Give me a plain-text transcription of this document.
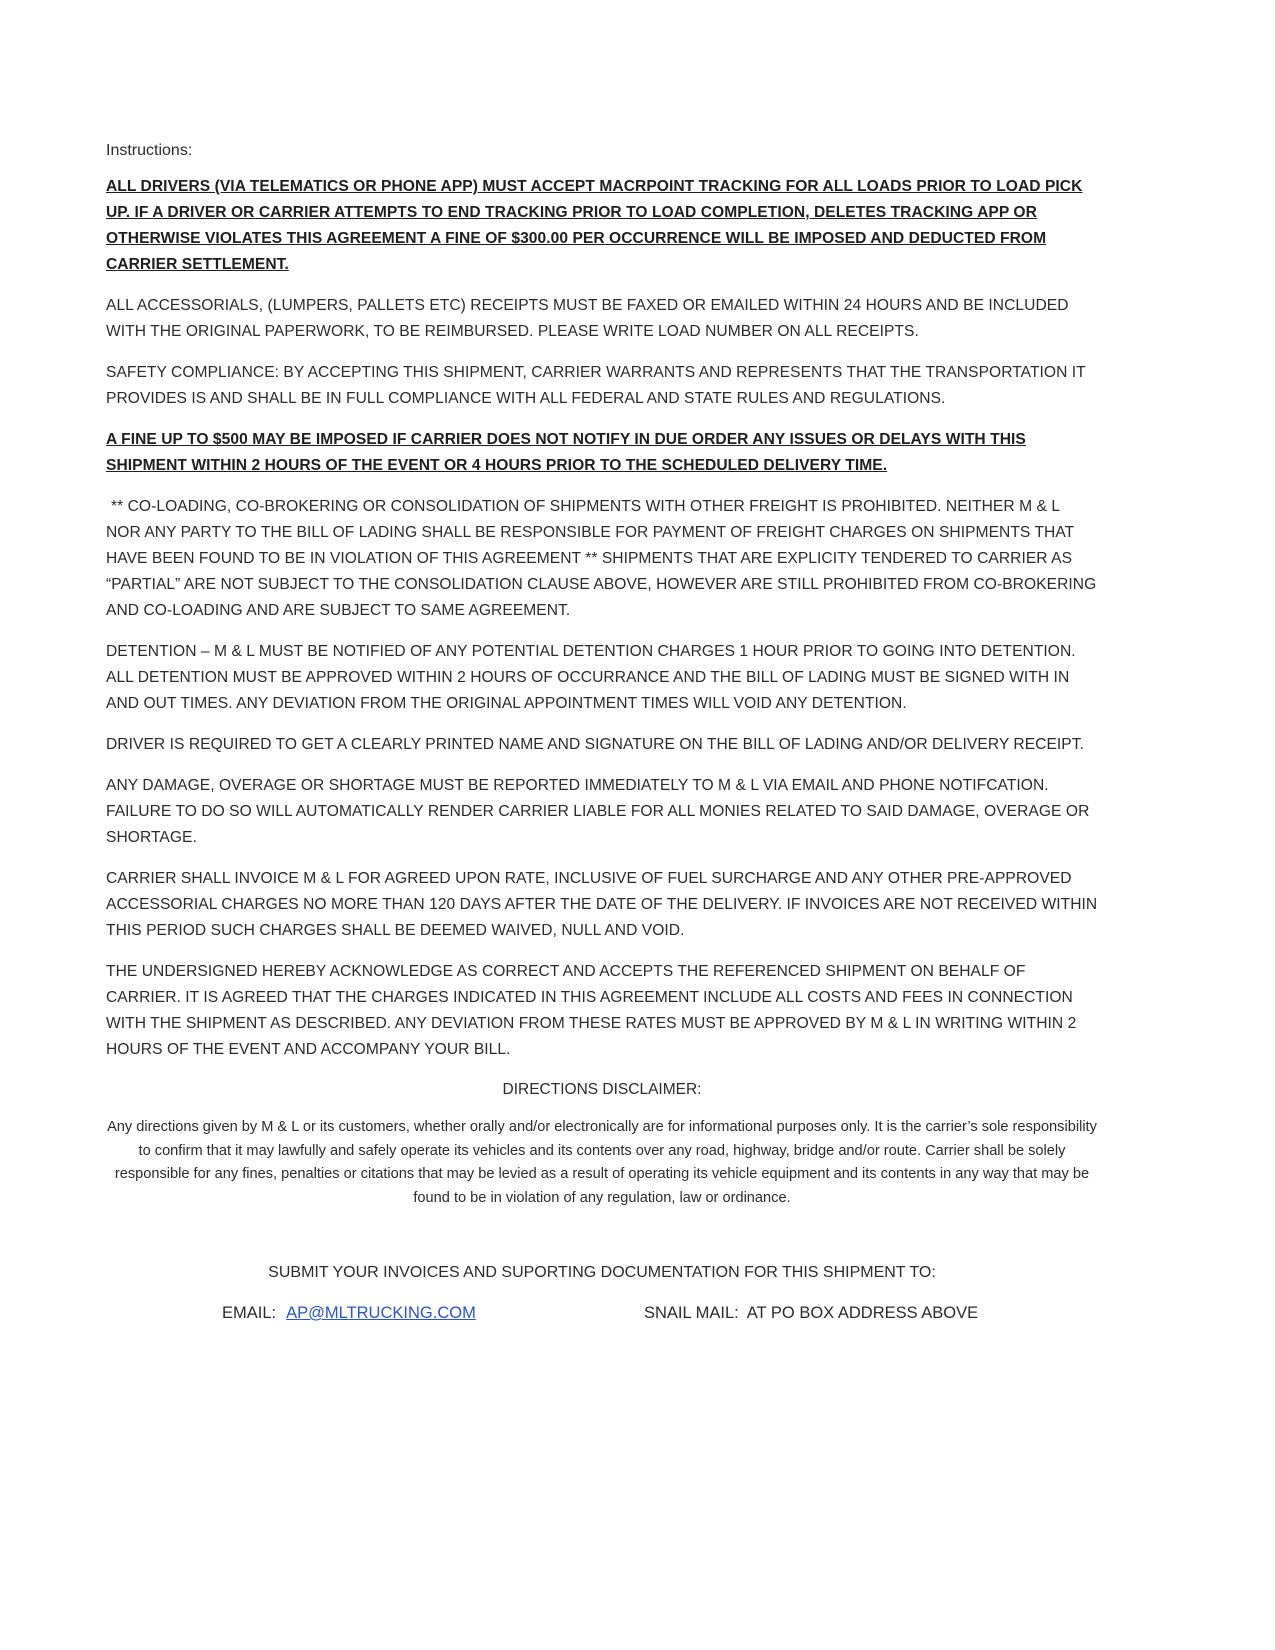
Instructions:

ALL DRIVERS (VIA TELEMATICS OR PHONE APP) MUST ACCEPT MACRPOINT TRACKING FOR ALL LOADS PRIOR TO LOAD PICK UP. IF A DRIVER OR CARRIER ATTEMPTS TO END TRACKING PRIOR TO LOAD COMPLETION, DELETES TRACKING APP OR OTHERWISE VIOLATES THIS AGREEMENT A FINE OF $300.00 PER OCCURRENCE WILL BE IMPOSED AND DEDUCTED FROM CARRIER SETTLEMENT.

ALL ACCESSORIALS, (LUMPERS, PALLETS ETC) RECEIPTS MUST BE FAXED OR EMAILED WITHIN 24 HOURS AND BE INCLUDED WITH THE ORIGINAL PAPERWORK, TO BE REIMBURSED. PLEASE WRITE LOAD NUMBER ON ALL RECEIPTS.

SAFETY COMPLIANCE: BY ACCEPTING THIS SHIPMENT, CARRIER WARRANTS AND REPRESENTS THAT THE TRANSPORTATION IT PROVIDES IS AND SHALL BE IN FULL COMPLIANCE WITH ALL FEDERAL AND STATE RULES AND REGULATIONS.

A FINE UP TO $500 MAY BE IMPOSED IF CARRIER DOES NOT NOTIFY IN DUE ORDER ANY ISSUES OR DELAYS WITH THIS SHIPMENT WITHIN 2 HOURS OF THE EVENT OR 4 HOURS PRIOR TO THE SCHEDULED DELIVERY TIME.

** CO-LOADING, CO-BROKERING OR CONSOLIDATION OF SHIPMENTS WITH OTHER FREIGHT IS PROHIBITED. NEITHER M & L NOR ANY PARTY TO THE BILL OF LADING SHALL BE RESPONSIBLE FOR PAYMENT OF FREIGHT CHARGES ON SHIPMENTS THAT HAVE BEEN FOUND TO BE IN VIOLATION OF THIS AGREEMENT ** SHIPMENTS THAT ARE EXPLICITY TENDERED TO CARRIER AS “PARTIAL” ARE NOT SUBJECT TO THE CONSOLIDATION CLAUSE ABOVE, HOWEVER ARE STILL PROHIBITED FROM CO-BROKERING AND CO-LOADING AND ARE SUBJECT TO SAME AGREEMENT.

DETENTION – M & L MUST BE NOTIFIED OF ANY POTENTIAL DETENTION CHARGES 1 HOUR PRIOR TO GOING INTO DETENTION. ALL DETENTION MUST BE APPROVED WITHIN 2 HOURS OF OCCURRANCE AND THE BILL OF LADING MUST BE SIGNED WITH IN AND OUT TIMES. ANY DEVIATION FROM THE ORIGINAL APPOINTMENT TIMES WILL VOID ANY DETENTION.

DRIVER IS REQUIRED TO GET A CLEARLY PRINTED NAME AND SIGNATURE ON THE BILL OF LADING AND/OR DELIVERY RECEIPT.

ANY DAMAGE, OVERAGE OR SHORTAGE MUST BE REPORTED IMMEDIATELY TO M & L VIA EMAIL AND PHONE NOTIFCATION. FAILURE TO DO SO WILL AUTOMATICALLY RENDER CARRIER LIABLE FOR ALL MONIES RELATED TO SAID DAMAGE, OVERAGE OR SHORTAGE.

CARRIER SHALL INVOICE M & L FOR AGREED UPON RATE, INCLUSIVE OF FUEL SURCHARGE AND ANY OTHER PRE-APPROVED ACCESSORIAL CHARGES NO MORE THAN 120 DAYS AFTER THE DATE OF THE DELIVERY. IF INVOICES ARE NOT RECEIVED WITHIN THIS PERIOD SUCH CHARGES SHALL BE DEEMED WAIVED, NULL AND VOID.

THE UNDERSIGNED HEREBY ACKNOWLEDGE AS CORRECT AND ACCEPTS THE REFERENCED SHIPMENT ON BEHALF OF CARRIER. IT IS AGREED THAT THE CHARGES INDICATED IN THIS AGREEMENT INCLUDE ALL COSTS AND FEES IN CONNECTION WITH THE SHIPMENT AS DESCRIBED. ANY DEVIATION FROM THESE RATES MUST BE APPROVED BY M & L IN WRITING WITHIN 2 HOURS OF THE EVENT AND ACCOMPANY YOUR BILL.

DIRECTIONS DISCLAIMER:

Any directions given by M & L or its customers, whether orally and/or electronically are for informational purposes only. It is the carrier’s sole responsibility to confirm that it may lawfully and safely operate its vehicles and its contents over any road, highway, bridge and/or route. Carrier shall be solely responsible for any fines, penalties or citations that may be levied as a result of operating its vehicle equipment and its contents in any way that may be found to be in violation of any regulation, law or ordinance.

SUBMIT YOUR INVOICES AND SUPORTING DOCUMENTATION FOR THIS SHIPMENT TO:
EMAIL: AP@MLTRUCKING.COM	SNAIL MAIL: AT PO BOX ADDRESS ABOVE
